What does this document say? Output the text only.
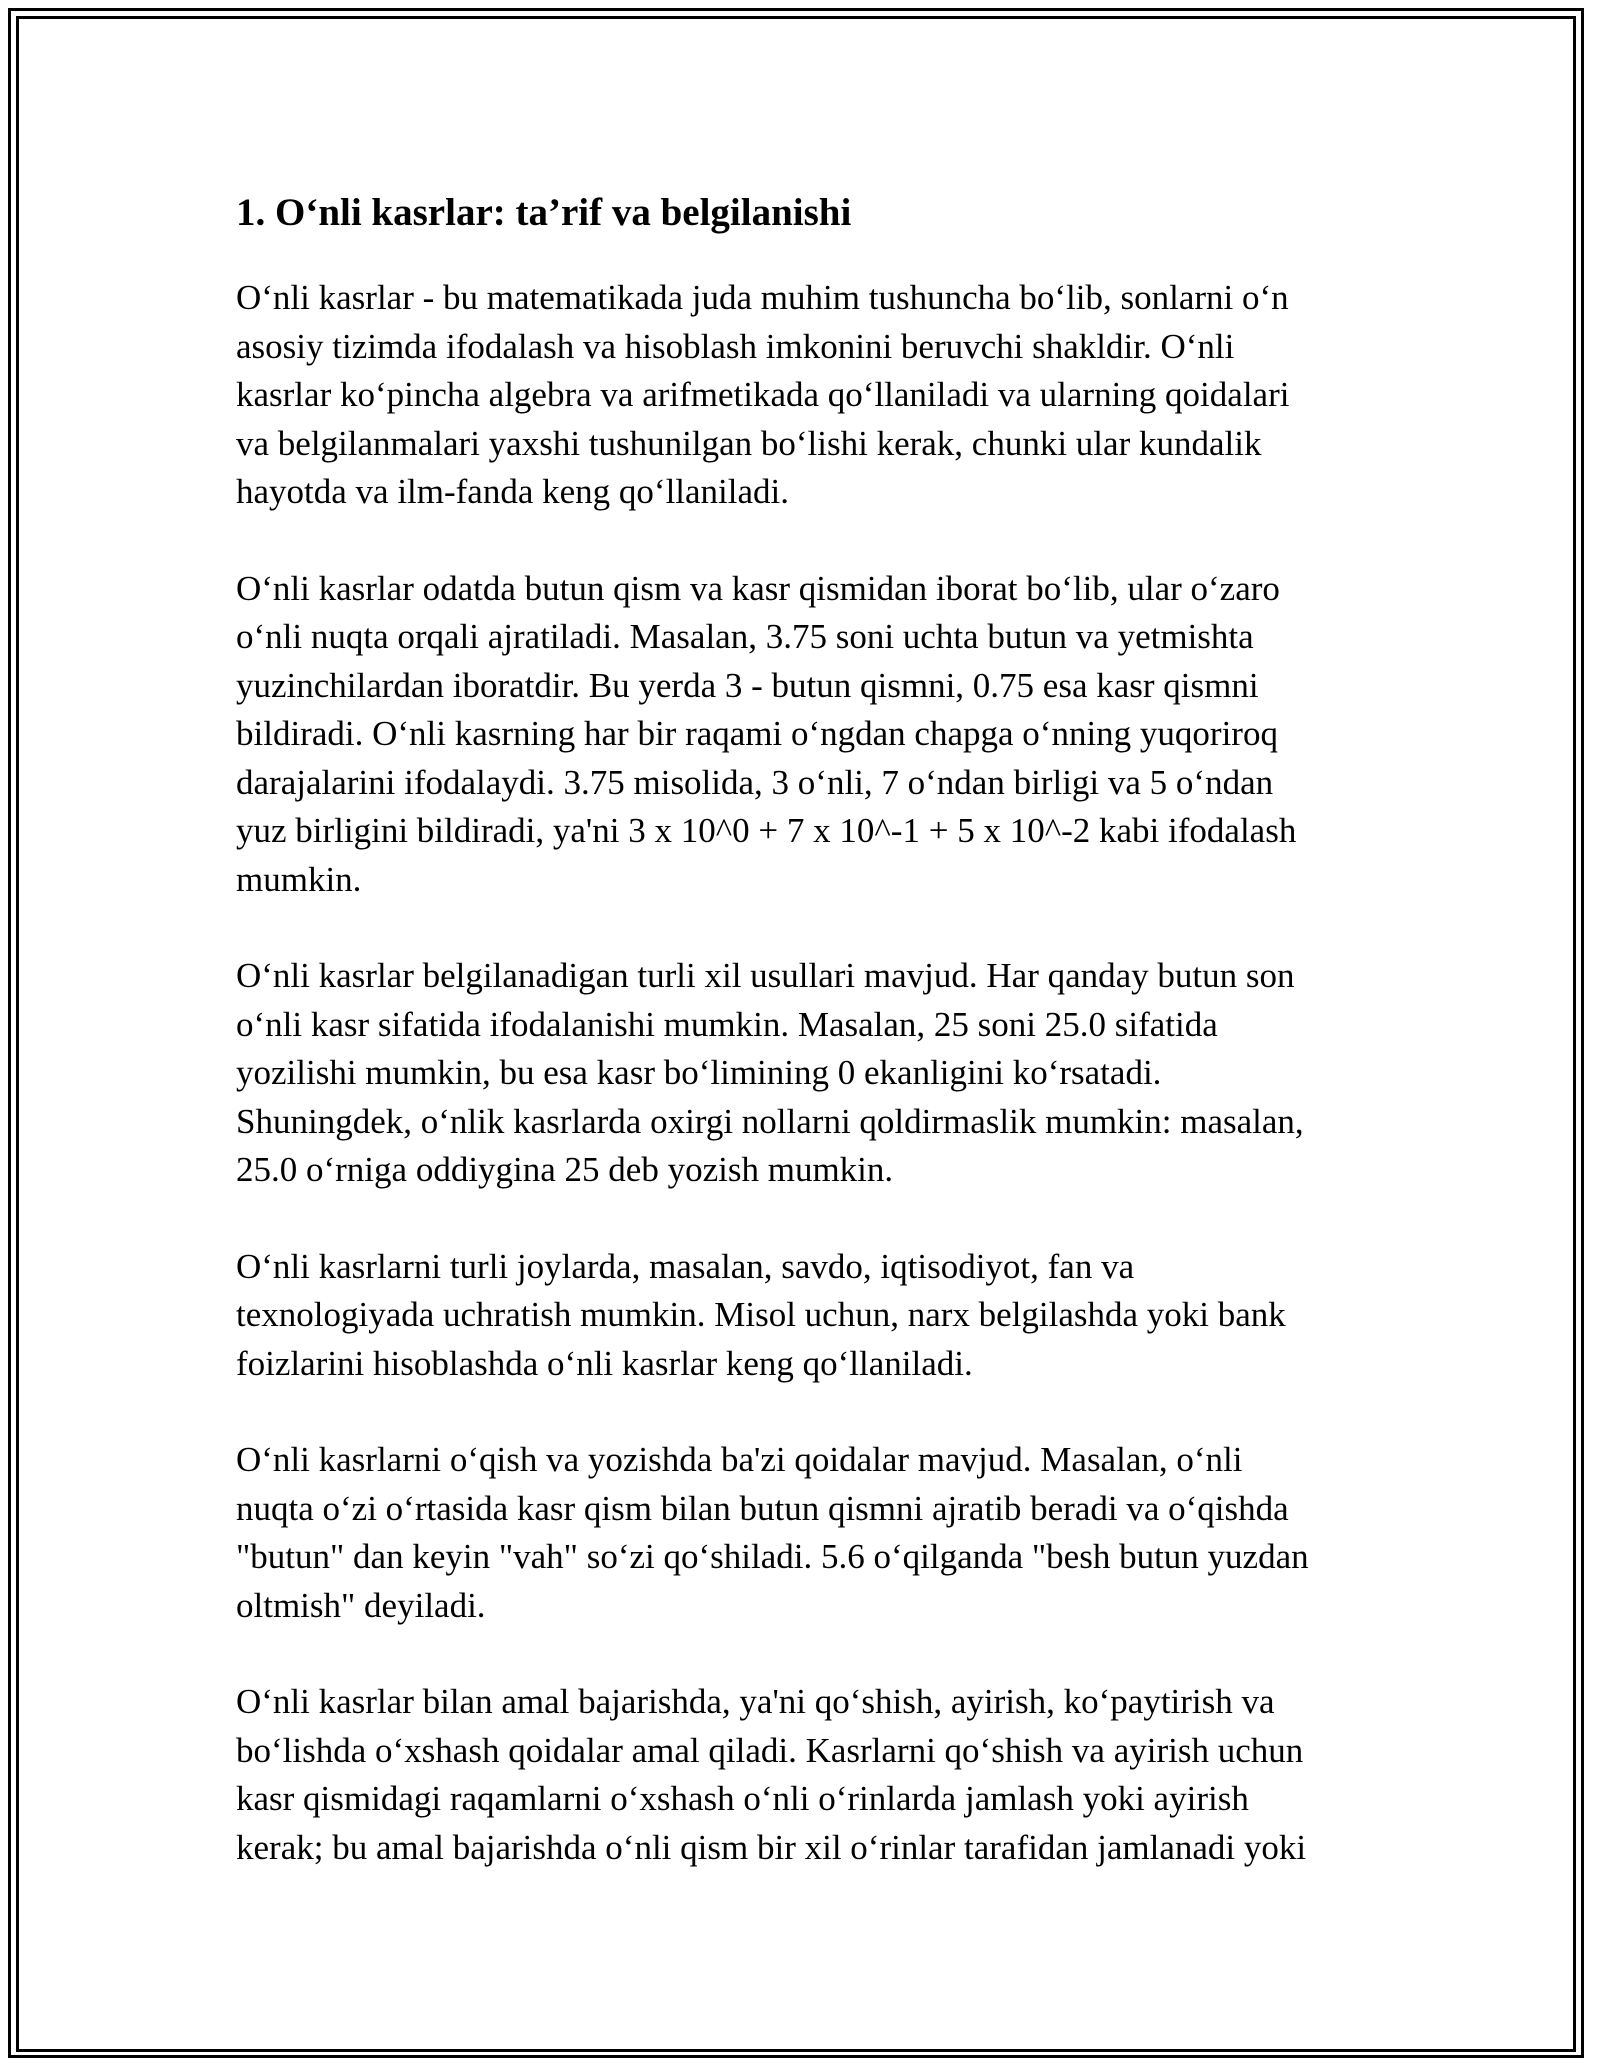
1. O‘nli kasrlar: ta’rif va belgilanishi

O‘nli kasrlar - bu matematikada juda muhim tushuncha bo‘lib, sonlarni o‘n
asosiy tizimda ifodalash va hisoblash imkonini beruvchi shakldir. O‘nli
kasrlar ko‘pincha algebra va arifmetikada qo‘llaniladi va ularning qoidalari
va belgilanmalari yaxshi tushunilgan bo‘lishi kerak, chunki ular kundalik
hayotda va ilm-fanda keng qo‘llaniladi.

O‘nli kasrlar odatda butun qism va kasr qismidan iborat bo‘lib, ular o‘zaro
o‘nli nuqta orqali ajratiladi. Masalan, 3.75 soni uchta butun va yetmishta
yuzinchilardan iboratdir. Bu yerda 3 - butun qismni, 0.75 esa kasr qismni
bildiradi. O‘nli kasrning har bir raqami o‘ngdan chapga o‘nning yuqoriroq
darajalarini ifodalaydi. 3.75 misolida, 3 o‘nli, 7 o‘ndan birligi va 5 o‘ndan
yuz birligini bildiradi, ya'ni 3 x 10^0 + 7 x 10^-1 + 5 x 10^-2 kabi ifodalash
mumkin.

O‘nli kasrlar belgilanadigan turli xil usullari mavjud. Har qanday butun son
o‘nli kasr sifatida ifodalanishi mumkin. Masalan, 25 soni 25.0 sifatida
yozilishi mumkin, bu esa kasr bo‘limining 0 ekanligini ko‘rsatadi.
Shuningdek, o‘nlik kasrlarda oxirgi nollarni qoldirmaslik mumkin: masalan,
25.0 o‘rniga oddiygina 25 deb yozish mumkin.

O‘nli kasrlarni turli joylarda, masalan, savdo, iqtisodiyot, fan va
texnologiyada uchratish mumkin. Misol uchun, narx belgilashda yoki bank
foizlarini hisoblashda o‘nli kasrlar keng qo‘llaniladi.

O‘nli kasrlarni o‘qish va yozishda ba'zi qoidalar mavjud. Masalan, o‘nli
nuqta o‘zi o‘rtasida kasr qism bilan butun qismni ajratib beradi va o‘qishda
"butun" dan keyin "vah" so‘zi qo‘shiladi. 5.6 o‘qilganda "besh butun yuzdan
oltmish" deyiladi.

O‘nli kasrlar bilan amal bajarishda, ya'ni qo‘shish, ayirish, ko‘paytirish va
bo‘lishda o‘xshash qoidalar amal qiladi. Kasrlarni qo‘shish va ayirish uchun
kasr qismidagi raqamlarni o‘xshash o‘nli o‘rinlarda jamlash yoki ayirish
kerak; bu amal bajarishda o‘nli qism bir xil o‘rinlar tarafidan jamlanadi yoki
